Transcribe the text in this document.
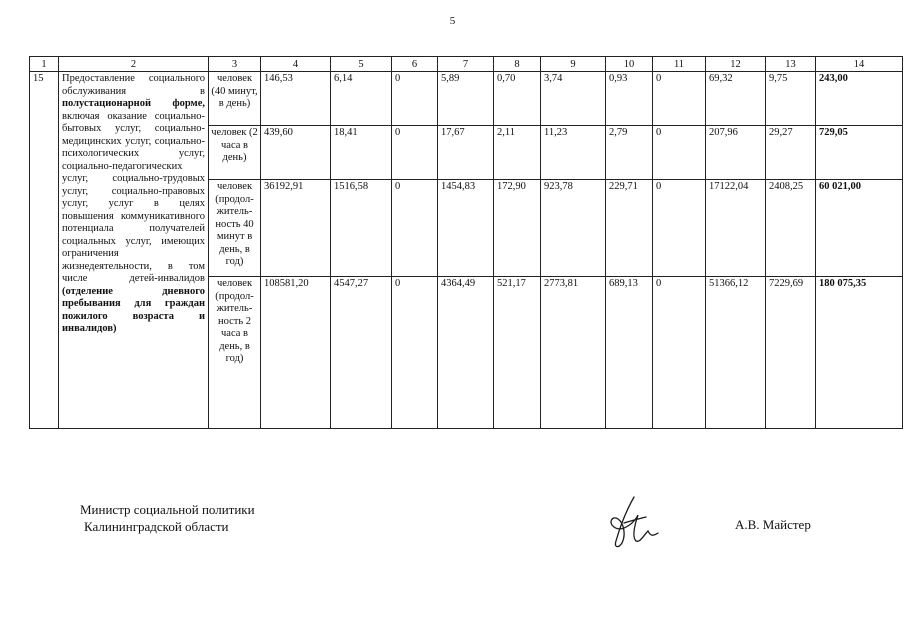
5
1	2	3	4	5	6	7	8	9	10	11	12	13	14
15	Предоставление социального обслуживания в полустационарной форме, включая оказание социально-бытовых услуг, социально-медицинских услуг, социально-психологических услуг, социально-педагогических услуг, социально-трудовых услуг, социально-правовых услуг, услуг в целях повышения коммуникативного потенциала получателей социальных услуг, имеющих ограничения жизнедеятельности, в том числе детей-инвалидов (отделение дневного пребывания для граждан пожилого возраста и инвалидов)	человек (40 минут, в день)	146,53	6,14	0	5,89	0,70	3,74	0,93	0	69,32	9,75	243,00
		человек (2 часа в день)	439,60	18,41	0	17,67	2,11	11,23	2,79	0	207,96	29,27	729,05
		человек (продол-житель-ность 40 минут в день, в год)	36192,91	1516,58	0	1454,83	172,90	923,78	229,71	0	17122,04	2408,25	60 021,00
		человек (продол-житель-ность 2 часа в день, в год)	108581,20	4547,27	0	4364,49	521,17	2773,81	689,13	0	51366,12	7229,69	180 075,35
Министр социальной политики
Калининградской области	А.В. Майстер
